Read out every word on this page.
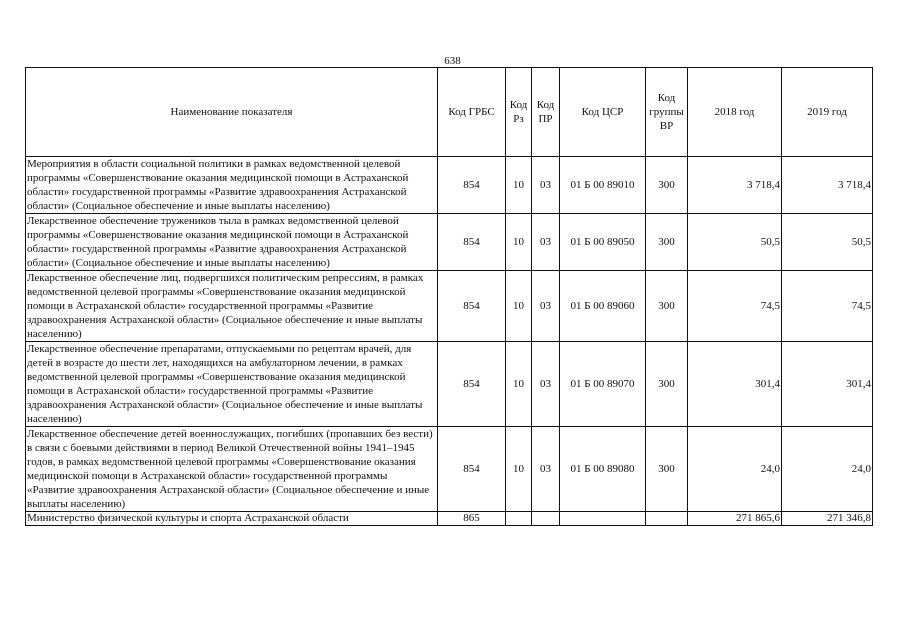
638
Наименование показателя	Код ГРБС	Код Рз	Код ПР	Код ЦСР	Код группы ВР	2018 год	2019 год
Мероприятия в области социальной политики в рамках ведомственной целевой программы «Совершенствование оказания медицинской помощи в Астраханской области» государственной программы «Развитие здравоохранения Астраханской области» (Социальное обеспечение и иные выплаты населению)	854	10	03	01 Б 00 89010	300	3 718,4	3 718,4
Лекарственное обеспечение тружеников тыла в рамках ведомственной целевой программы «Совершенствование оказания медицинской помощи в Астраханской области» государственной программы «Развитие здравоохранения Астраханской области» (Социальное обеспечение и иные выплаты населению)	854	10	03	01 Б 00 89050	300	50,5	50,5
Лекарственное обеспечение лиц, подвергшихся политическим репрессиям, в рамках ведомственной целевой программы «Совершенствование оказания медицинской помощи в Астраханской области» государственной программы «Развитие здравоохранения Астраханской области» (Социальное обеспечение и иные выплаты населению)	854	10	03	01 Б 00 89060	300	74,5	74,5
Лекарственное обеспечение препаратами, отпускаемыми по рецептам врачей, для детей в возрасте до шести лет, находящихся на амбулаторном лечении, в рамках ведомственной целевой программы «Совершенствование оказания медицинской помощи в Астраханской области» государственной программы «Развитие здравоохранения Астраханской области» (Социальное обеспечение и иные выплаты населению)	854	10	03	01 Б 00 89070	300	301,4	301,4
Лекарственное обеспечение детей военнослужащих, погибших (пропавших без вести) в связи с боевыми действиями в период Великой Отечественной войны 1941–1945 годов, в рамках ведомственной целевой программы «Совершенствование оказания медицинской помощи в Астраханской области» государственной программы «Развитие здравоохранения Астраханской области» (Социальное обеспечение и иные выплаты населению)	854	10	03	01 Б 00 89080	300	24,0	24,0
Министерство физической культуры и спорта Астраханской области	865					271 865,6	271 346,8
